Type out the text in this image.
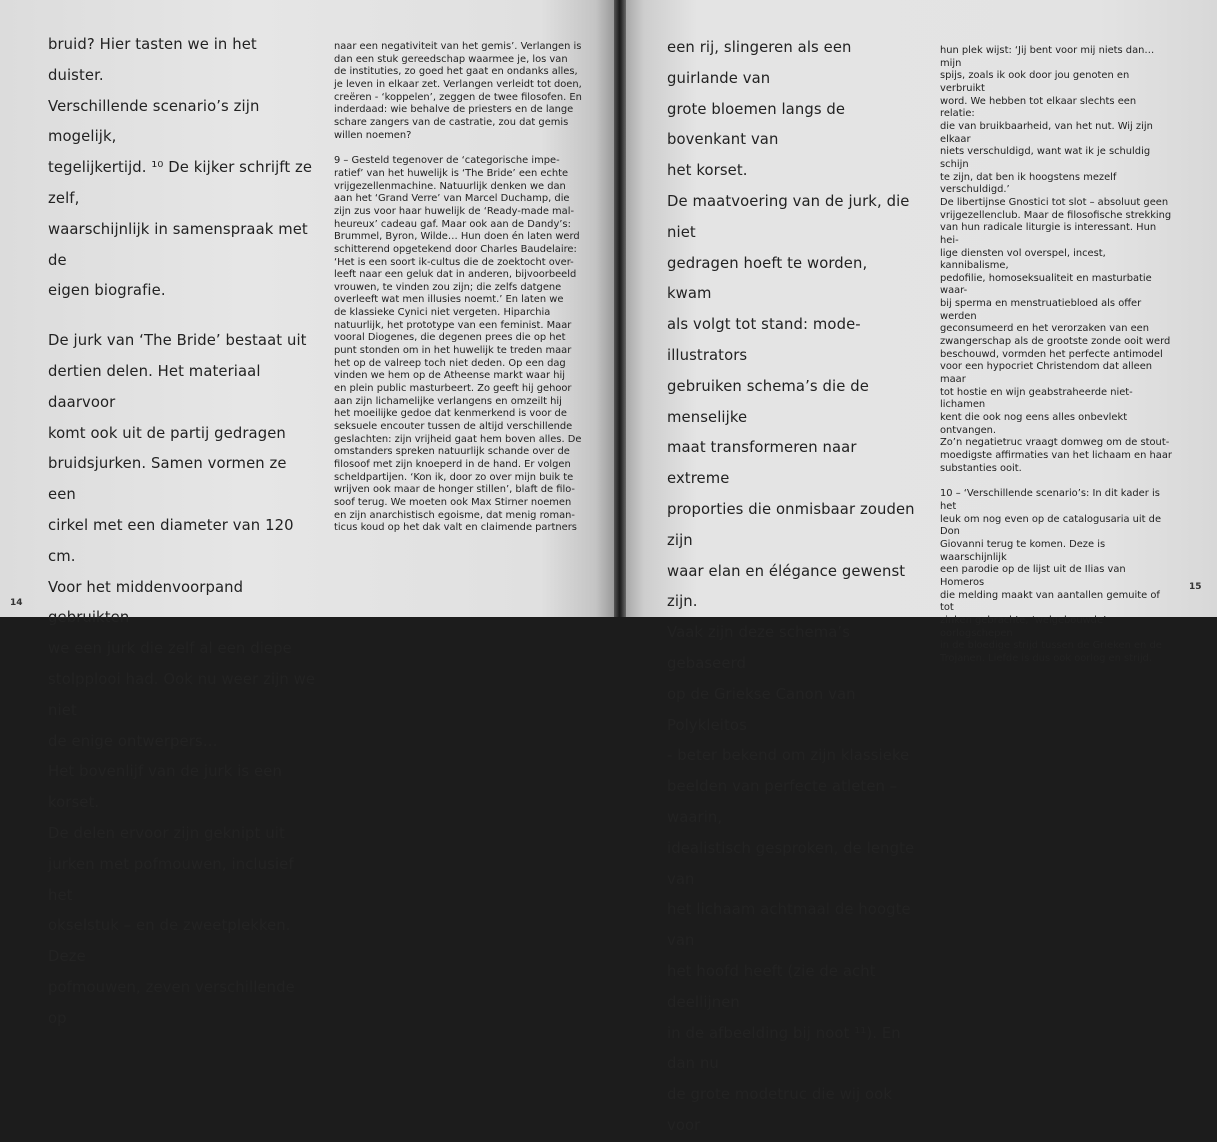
bruid? Hier tasten we in het duister.

Verschillende scenario’s zijn mogelijk,

tegelijkertijd. ¹⁰ De kijker schrijft ze zelf,

waarschijnlijk in samenspraak met de

eigen biografie.

De jurk van ‘The Bride’ bestaat uit

dertien delen. Het materiaal daarvoor

komt ook uit de partij gedragen

bruidsjurken. Samen vormen ze een

cirkel met een diameter van 120 cm.

Voor het middenvoorpand gebruikten

we een jurk die zelf al een diepe

stolpplooi had. Ook nu weer zijn we niet

de enige ontwerpers…

Het bovenlijf van de jurk is een korset.

De delen ervoor zijn geknipt uit

jurken met pofmouwen, inclusief het

okselstuk – en de zweetplekken. Deze

pofmouwen, zeven verschillende op

naar een negativiteit van het gemis’. Verlangen is

dan een stuk gereedschap waarmee je, los van

de instituties, zo goed het gaat en ondanks alles,

je leven in elkaar zet. Verlangen verleidt tot doen,

creëren - ‘koppelen’, zeggen de twee filosofen. En

inderdaad: wie behalve de priesters en de lange

schare zangers van de castratie, zou dat gemis

willen noemen?

9 – Gesteld tegenover de ‘categorische impe-

ratief’ van het huwelijk is ‘The Bride’ een echte

vrijgezellenmachine. Natuurlijk denken we dan

aan het ‘Grand Verre’ van Marcel Duchamp, die

zijn zus voor haar huwelijk de ‘Ready-made mal-

heureux’ cadeau gaf. Maar ook aan de Dandy’s:

Brummel, Byron, Wilde… Hun doen én laten werd

schitterend opgetekend door Charles Baudelaire:

‘Het is een soort ik-cultus die de zoektocht over-

leeft naar een geluk dat in anderen, bijvoorbeeld

vrouwen, te vinden zou zijn; die zelfs datgene

overleeft wat men illusies noemt.’ En laten we

de klassieke Cynici niet vergeten. Hiparchia

natuurlijk, het prototype van een feminist. Maar

vooral Diogenes, die degenen prees die op het

punt stonden om in het huwelijk te treden maar

het op de valreep toch niet deden. Op een dag

vinden we hem op de Atheense markt waar hij

en plein public masturbeert. Zo geeft hij gehoor

aan zijn lichamelijke verlangens en omzeilt hij

het moeilijke gedoe dat kenmerkend is voor de

seksuele encouter tussen de altijd verschillende

geslachten: zijn vrijheid gaat hem boven alles. De

omstanders spreken natuurlijk schande over de

filosoof met zijn knoeperd in de hand. Er volgen

scheldpartijen. ‘Kon ik, door zo over mijn buik te

wrijven ook maar de honger stillen’, blaft de filo-

soof terug. We moeten ook Max Stirner noemen

en zijn anarchistisch egoisme, dat menig roman-

ticus koud op het dak valt en claimende partners

een rij, slingeren als een guirlande van

grote bloemen langs de bovenkant van

het korset.

De maatvoering van de jurk, die niet

gedragen hoeft te worden, kwam

als volgt tot stand: mode-illustrators

gebruiken schema’s die de menselijke

maat transformeren naar extreme

proporties die onmisbaar zouden zijn

waar elan en élégance gewenst zijn.

Vaak zijn deze schema’s gebaseerd

op de Griekse Canon van Polykleitos

- beter bekend om zijn klassieke

beelden van perfecte atleten – waarin,

idealistisch gesproken, de lengte van

het lichaam achtmaal de hoogte van

het hoofd heeft (zie de acht deellijnen

in de afbeelding bij noot ¹¹). En dan nu

de grote modetruc die wij ook voor

hun plek wijst: ‘Jij bent voor mij niets dan… mijn

spijs, zoals ik ook door jou genoten en verbruikt

word. We hebben tot elkaar slechts een relatie:

die van bruikbaarheid, van het nut. Wij zijn elkaar

niets verschuldigd, want wat ik je schuldig schijn

te zijn, dat ben ik hoogstens mezelf verschuldigd.’

De libertijnse Gnostici tot slot – absoluut geen

vrijgezellenclub. Maar de filosofische strekking

van hun radicale liturgie is interessant. Hun hei-

lige diensten vol overspel, incest, kannibalisme,

pedofilie, homoseksualiteit en masturbatie waar-

bij sperma en menstruatiebloed als offer werden

geconsumeerd en het verorzaken van een

zwangerschap als de grootste zonde ooit werd

beschouwd, vormden het perfecte antimodel

voor een hypocriet Christendom dat alleen maar

tot hostie en wijn geabstraheerde niet-lichamen

kent die ook nog eens alles onbevlekt ontvangen.

Zo’n negatietruc vraagt domweg om de stout-

moedigste affirmaties van het lichaam en haar

substanties ooit.

10 – ‘Verschillende scenario’s: In dit kader is het

leuk om nog even op de catalogusaria uit de Don

Giovanni terug te komen. Deze is waarschijnlijk

een parodie op de lijst uit de Ilias van Homeros

die melding maakt van aantallen gemuite of tot

zinken gebrachte, ‘welgebouwde’ oorlogschepen

in de bloedige strijd tussen de Grieken en de

Trojanen. Liefde is dus ook oorlog en strijd.

14
15
